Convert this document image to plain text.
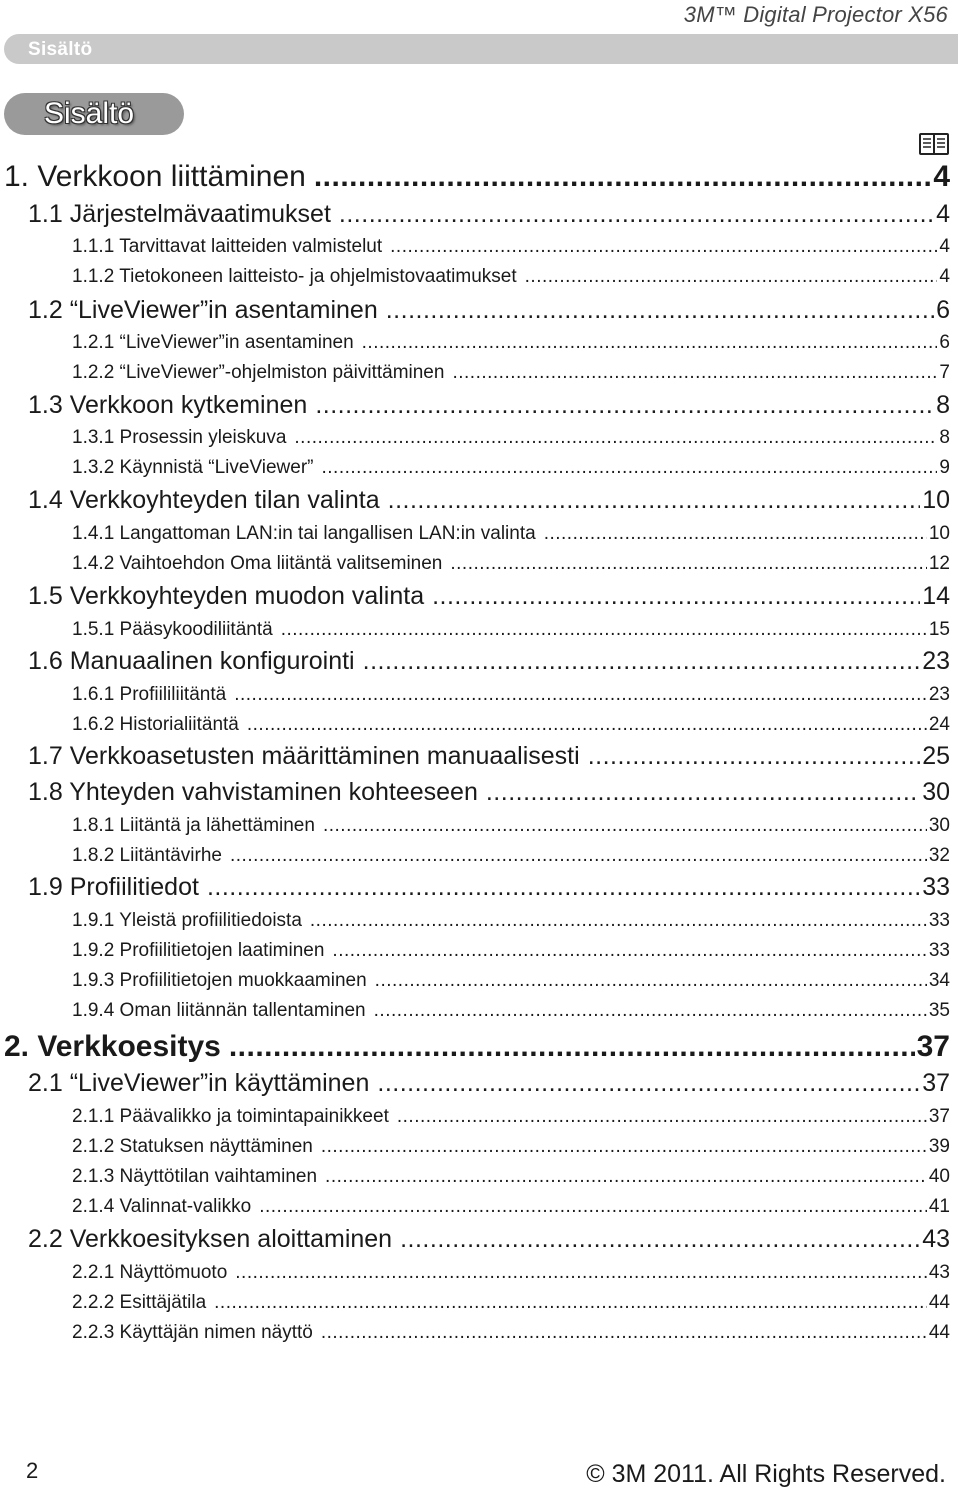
3M™ Digital Projector X56
Sisältö
Sisältö
1. Verkkoon liittäminen .....	4
1.1 Järjestelmävaatimukset .....	4
1.1.1 Tarvittavat laitteiden valmistelut .....	4
1.1.2 Tietokoneen laitteisto- ja ohjelmistovaatimukset .....	4
1.2 “LiveViewer”in asentaminen .....	6
1.2.1 “LiveViewer”in asentaminen .....	6
1.2.2 “LiveViewer”-ohjelmiston päivittäminen .....	7
1.3 Verkkoon kytkeminen .....	8
1.3.1 Prosessin yleiskuva .....	8
1.3.2 Käynnistä “LiveViewer” .....	9
1.4 Verkkoyhteyden tilan valinta .....	10
1.4.1 Langattoman LAN:in tai langallisen LAN:in valinta .....	10
1.4.2 Vaihtoehdon Oma liitäntä valitseminen .....	12
1.5 Verkkoyhteyden muodon valinta .....	14
1.5.1 Pääsykoodiliitäntä .....	15
1.6 Manuaalinen konfigurointi .....	23
1.6.1 Profiililiitäntä .....	23
1.6.2 Historialiitäntä .....	24
1.7 Verkkoasetusten määrittäminen manuaalisesti .....	25
1.8 Yhteyden vahvistaminen kohteeseen .....	30
1.8.1 Liitäntä ja lähettäminen .....	30
1.8.2 Liitäntävirhe .....	32
1.9 Profiilitiedot .....	33
1.9.1 Yleistä profiilitiedoista .....	33
1.9.2 Profiilitietojen laatiminen .....	33
1.9.3 Profiilitietojen muokkaaminen .....	34
1.9.4 Oman liitännän tallentaminen .....	35
2. Verkkoesitys .....	37
2.1 “LiveViewer”in käyttäminen .....	37
2.1.1 Päävalikko ja toimintapainikkeet .....	37
2.1.2 Statuksen näyttäminen .....	39
2.1.3 Näyttötilan vaihtaminen .....	40
2.1.4 Valinnat-valikko .....	41
2.2 Verkkoesityksen aloittaminen .....	43
2.2.1 Näyttömuoto .....	43
2.2.2 Esittäjätila .....	44
2.2.3 Käyttäjän nimen näyttö .....	44
2	© 3M 2011. All Rights Reserved.
